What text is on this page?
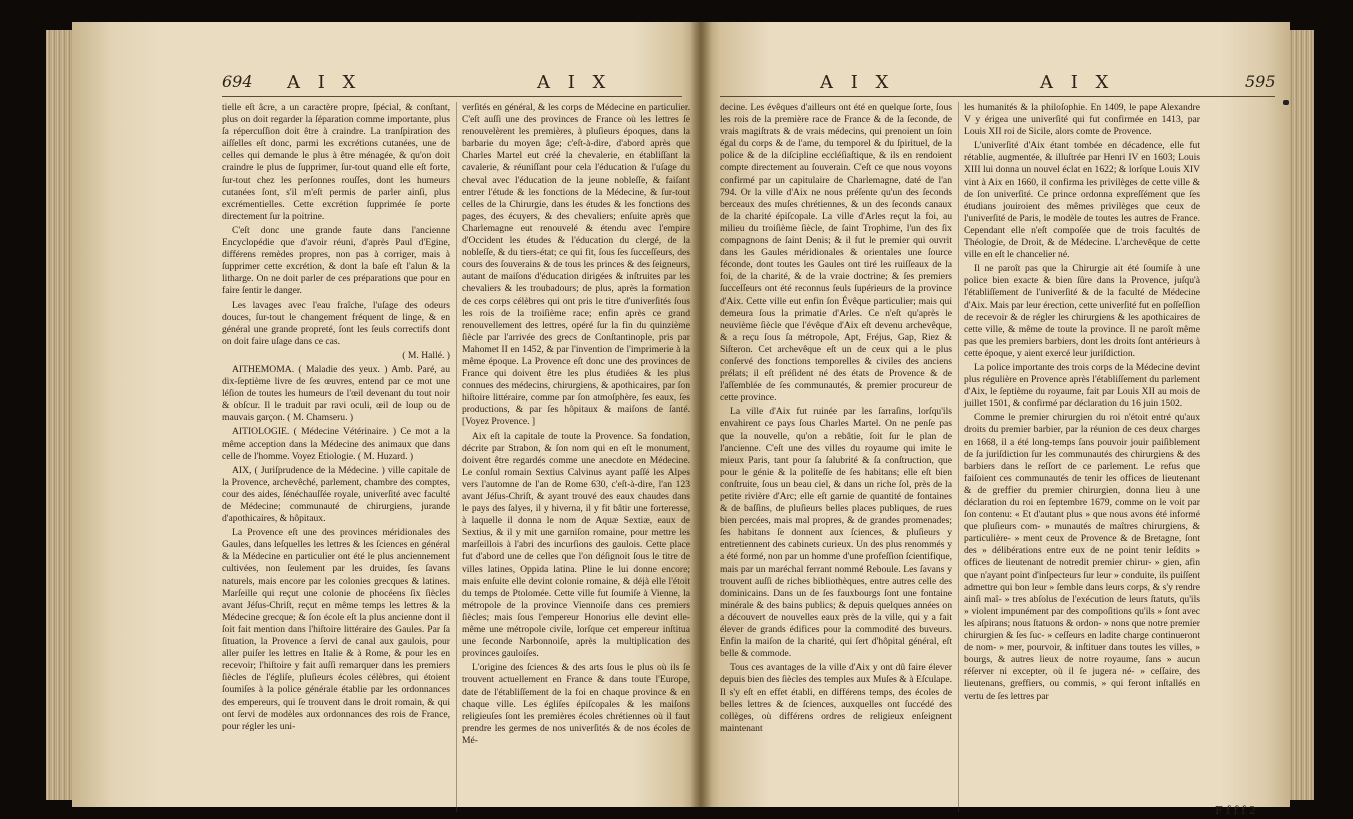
694 A I X	A I X

tielle eſt âcre, a un caractère propre, ſpécial, & conſtant, plus on doit regarder la ſéparation comme importante, plus ſa répercuſſion doit être à craindre. La tranſpiration des aiſſelles eſt donc, parmi les excrétions cutanées, une de celles qui demande le plus à être ménagée, & qu'on doit craindre le plus de ſupprimer, ſur-tout quand elle eſt forte, ſur-tout chez les perſonnes rouſſes, dont les humeurs cutanées ſont, s'il m'eſt permis de parler ainſi, plus excrémentielles. Cette excrétion ſupprimée ſe porte directement ſur la poitrine.

C'eſt donc une grande faute dans l'ancienne Encyclopédie que d'avoir réuni, d'après Paul d'Egine, différens remèdes propres, non pas à corriger, mais à ſupprimer cette excrétion, & dont la baſe eſt l'alun & la litharge. On ne doit parler de ces préparations que pour en faire ſentir le danger.

Les lavages avec l'eau fraîche, l'uſage des odeurs douces, ſur-tout le changement fréquent de linge, & en général une grande propreté, ſont les ſeuls correctifs dont on doit faire uſage dans ce cas.

( M. Hallé. )

AITHEMOMA. ( Maladie des yeux. ) Amb. Paré, au dix-ſeptième livre de ſes œuvres, entend par ce mot une léſion de toutes les humeurs de l'œil devenant du tout noir & obſcur. Il le traduit par ravi oculi, œil de loup ou de mauvais garçon. ( M. Chamseru. )

AITIOLOGIE. ( Médecine Vétérinaire. ) Ce mot a la même acception dans la Médecine des animaux que dans celle de l'homme. Voyez Etiologie. ( M. Huzard. )

AIX, ( Juriſprudence de la Médecine. ) ville capitale de la Provence, archevêché, parlement, chambre des comptes, cour des aides, ſénéchauſſée royale, univerſité avec faculté de Médecine; communauté de chirurgiens, jurande d'apothicaires, & hôpitaux.

La Provence eſt une des provinces méridionales des Gaules, dans leſquelles les lettres & les ſciences en général & la Médecine en particulier ont été le plus anciennement cultivées, non ſeulement par les druides, ſes ſavans naturels, mais encore par les colonies grecques & latines. Marſeille qui reçut une colonie de phocéens ſix ſiècles avant Jéſus-Chriſt, reçut en même temps les lettres & la Médecine grecque; & ſon école eſt la plus ancienne dont il ſoit fait mention dans l'hiſtoire littéraire des Gaules. Par ſa ſituation, la Provence a ſervi de canal aux gaulois, pour aller puiſer les lettres en Italie & à Rome, & pour les en recevoir; l'hiſtoire y fait auſſi remarquer dans les premiers ſiècles de l'égliſe, pluſieurs écoles célèbres, qui étoient ſoumiſes à la police générale établie par les ordonnances des empereurs, qui ſe trouvent dans le droit romain, & qui ont ſervi de modèles aux ordonnances des rois de France, pour régler les uni-

verſités en général, & les corps de Médecine en particulier. C'eſt auſſi une des provinces de France où les lettres ſe renouvelèrent les premières, à pluſieurs époques, dans la barbarie du moyen âge; c'eſt-à-dire, d'abord après que Charles Martel eut créé la chevalerie, en établiſſant la cavalerie, & réuniſſant pour cela l'éducation & l'uſage du cheval avec l'éducation de la jeune nobleſſe, & faiſant entrer l'étude & les fonctions de la Médecine, & ſur-tout celles de la Chirurgie, dans les études & les fonctions des pages, des écuyers, & des chevaliers; enſuite après que Charlemagne eut renouvelé & étendu avec l'empire d'Occident les études & l'éducation du clergé, de la nobleſſe, & du tiers-état; ce qui fit, ſous ſes ſucceſſeurs, des cours des ſouverains & de tous les princes & des ſeigneurs, autant de maiſons d'éducation dirigées & inſtruites par les chevaliers & les troubadours; de plus, après la formation de ces corps célèbres qui ont pris le titre d'univerſités ſous les rois de la troiſième race; enfin après ce grand renouvellement des lettres, opéré ſur la fin du quinzième ſiècle par l'arrivée des grecs de Conſtantinople, pris par Mahomet II en 1452, & par l'invention de l'imprimerie à la même époque. La Provence eſt donc une des provinces de France qui doivent être les plus étudiées & les plus connues des médecins, chirurgiens, & apothicaires, par ſon hiſtoire littéraire, comme par ſon atmoſphère, ſes eaux, ſes productions, & par ſes hôpitaux & maiſons de ſanté. [Voyez Provence. ]

Aix eſt la capitale de toute la Provence. Sa fondation, décrite par Strabon, & ſon nom qui en eſt le monument, doivent être regardés comme une anecdote en Médecine. Le conſul romain Sextius Calvinus ayant paſſé les Alpes vers l'automne de l'an de Rome 630, c'eſt-à-dire, l'an 123 avant Jéſus-Chriſt, & ayant trouvé des eaux chaudes dans le pays des ſalyes, il y hiverna, il y fit bâtir une forteresse, à laquelle il donna le nom de Aquæ Sextiæ, eaux de Sextius, & il y mit une garniſon romaine, pour mettre les marſeillois à l'abri des incurſions des gaulois. Cette place fut d'abord une de celles que l'on déſignoit ſous le titre de villes latines, Oppida latina. Pline le lui donne encore; mais enſuite elle devint colonie romaine, & déjà elle l'étoit du temps de Ptolomée. Cette ville fut ſoumiſe à Vienne, la métropole de la province Viennoiſe dans ces premiers ſiècles; mais ſous l'empereur Honorius elle devint elle-même une métropole civile, lorſque cet empereur inſtitua une ſeconde Narbonnoiſe, après la multiplication des provinces gauloiſes.

L'origine des ſciences & des arts ſous le plus où ils ſe trouvent actuellement en France & dans toute l'Europe, date de l'établiſſement de la foi en chaque province & en chaque ville. Les égliſes épiſcopales & les maiſons religieuſes ſont les premières écoles chrétiennes où il faut prendre les germes de nos univerſités & de nos écoles de Mé-

A I X	A I X	595

decine. Les évêques d'ailleurs ont été en quelque ſorte, ſous les rois de la première race de France & de la ſeconde, de vrais magiſtrats & de vrais médecins, qui prenoient un ſoin égal du corps & de l'ame, du temporel & du ſpirituel, de la police & de la diſcipline eccléſiaſtique, & ils en rendoient compte directement au ſouverain. C'eſt ce que nous voyons confirmé par un capitulaire de Charlemagne, daté de l'an 794. Or la ville d'Aix ne nous préſente qu'un des ſeconds berceaux des muſes chrétiennes, & un des ſeconds canaux de la charité épiſcopale. La ville d'Arles reçut la foi, au milieu du troiſième ſiècle, de ſaint Trophime, l'un des ſix compagnons de ſaint Denis; & il fut le premier qui ouvrit dans les Gaules méridionales & orientales une ſource féconde, dont toutes les Gaules ont tiré les ruiſſeaux de la foi, de la charité, & de la vraie doctrine; & ſes premiers ſucceſſeurs ont été reconnus ſeuls ſupérieurs de la province d'Aix. Cette ville eut enfin ſon Évêque particulier; mais qui demeura ſous la primatie d'Arles. Ce n'eſt qu'après le neuvième ſiècle que l'évêque d'Aix eſt devenu archevêque, & a reçu ſous ſa métropole, Apt, Fréjus, Gap, Riez & Siſteron. Cet archevêque eſt un de ceux qui a le plus conſervé des fonctions temporelles & civiles des anciens prélats; il eſt préſident né des états de Provence & de l'aſſemblée de ſes communautés, & premier procureur de cette province.

La ville d'Aix fut ruinée par les ſarraſins, lorſqu'ils envahirent ce pays ſous Charles Martel. On ne penſe pas que la nouvelle, qu'on a rebâtie, ſoit ſur le plan de l'ancienne. C'eſt une des villes du royaume qui imite le mieux Paris, tant pour ſa ſalubrité & ſa conſtruction, que pour le génie & la politeſſe de ſes habitans; elle eſt bien conſtruite, ſous un beau ciel, & dans un riche ſol, près de la petite rivière d'Arc; elle eſt garnie de quantité de fontaines & de baſſins, de pluſieurs belles places publiques, de rues bien percées, mais mal propres, & de grandes promenades; ſes habitans ſe donnent aux ſciences, & pluſieurs y entretiennent des cabinets curieux. Un des plus renommés y a été formé, non par un homme d'une profeſſion ſcientifique, mais par un maréchal ferrant nommé Reboule. Les ſavans y trouvent auſſi de riches bibliothèques, entre autres celle des dominicains. Dans un de ſes fauxbourgs ſont une fontaine minérale & des bains publics; & depuis quelques années on a découvert de nouvelles eaux près de la ville, qui y a fait élever de grands édifices pour la commodité des buveurs. Enfin la maiſon de la charité, qui ſert d'hôpital général, eſt belle & commode.

Tous ces avantages de la ville d'Aix y ont dû faire élever depuis bien des ſiècles des temples aux Muſes & à Eſculape. Il s'y eſt en effet établi, en différens temps, des écoles de belles lettres & de ſciences, auxquelles ont ſuccédé des collèges, où différens ordres de religieux enſeignent maintenant

les humanités & la philoſophie. En 1409, le pape Alexandre V y érigea une univerſité qui fut confirmée en 1413, par Louis XII roi de Sicile, alors comte de Provence.

L'univerſité d'Aix étant tombée en décadence, elle fut rétablie, augmentée, & illuſtrée par Henri IV en 1603; Louis XIII lui donna un nouvel éclat en 1622; & lorſque Louis XIV vint à Aix en 1660, il confirma les privilèges de cette ville & de ſon univerſité. Ce prince ordonna expreſſément que ſes étudians jouiroient des mêmes privilèges que ceux de l'univerſité de Paris, le modèle de toutes les autres de France. Cependant elle n'eſt compoſée que de trois facultés de Théologie, de Droit, & de Médecine. L'archevêque de cette ville en eſt le chancelier né.

Il ne paroît pas que la Chirurgie ait été ſoumiſe à une police bien exacte & bien ſûre dans la Provence, juſqu'à l'établiſſement de l'univerſité & de la faculté de Médecine d'Aix. Mais par leur érection, cette univerſité fut en poſſeſſion de recevoir & de régler les chirurgiens & les apothicaires de cette ville, & même de toute la province. Il ne paroît même pas que les premiers barbiers, dont les droits ſont antérieurs à cette époque, y aient exercé leur juriſdiction.

La police importante des trois corps de la Médecine devint plus régulière en Provence après l'établiſſement du parlement d'Aix, le ſeptième du royaume, fait par Louis XII au mois de juillet 1501, & confirmé par déclaration du 16 juin 1502.

Comme le premier chirurgien du roi n'étoit entré qu'aux droits du premier barbier, par la réunion de ces deux charges en 1668, il a été long-temps ſans pouvoir jouir paiſiblement de ſa juriſdiction ſur les communautés des chirurgiens & des barbiers dans le reſſort de ce parlement. Le refus que faiſoient ces communautés de tenir les offices de lieutenant & de greffier du premier chirurgien, donna lieu à une déclaration du roi en ſeptembre 1679, comme on le voit par ſon contenu: « Et d'autant plus » que nous avons été informé que pluſieurs com- » munautés de maîtres chirurgiens, & particulière- » ment ceux de Provence & de Bretagne, ſont des » délibérations entre eux de ne point tenir leſdits » offices de lieutenant de notredit premier chirur- » gien, afin que n'ayant point d'inſpecteurs ſur leur » conduite, ils puiſſent admettre qui bon leur » ſemble dans leurs corps, & s'y rendre ainſi maî- » tres abſolus de l'exécution de leurs ſtatuts, qu'ils » violent impunément par des compoſitions qu'ils » ſont avec les aſpirans; nous ſtatuons & ordon- » nons que notre premier chirurgien & ſes ſuc- » ceſſeurs en ladite charge continueront de nom- » mer, pourvoir, & inſtituer dans toutes les villes, » bourgs, & autres lieux de notre royaume, ſans » aucun réſerver ni excepter, où il ſe jugera né- » ceſſaire, des lieutenans, greffiers, ou commis, » qui feront inſtallés en vertu de ſes lettres par

F f f f 2
